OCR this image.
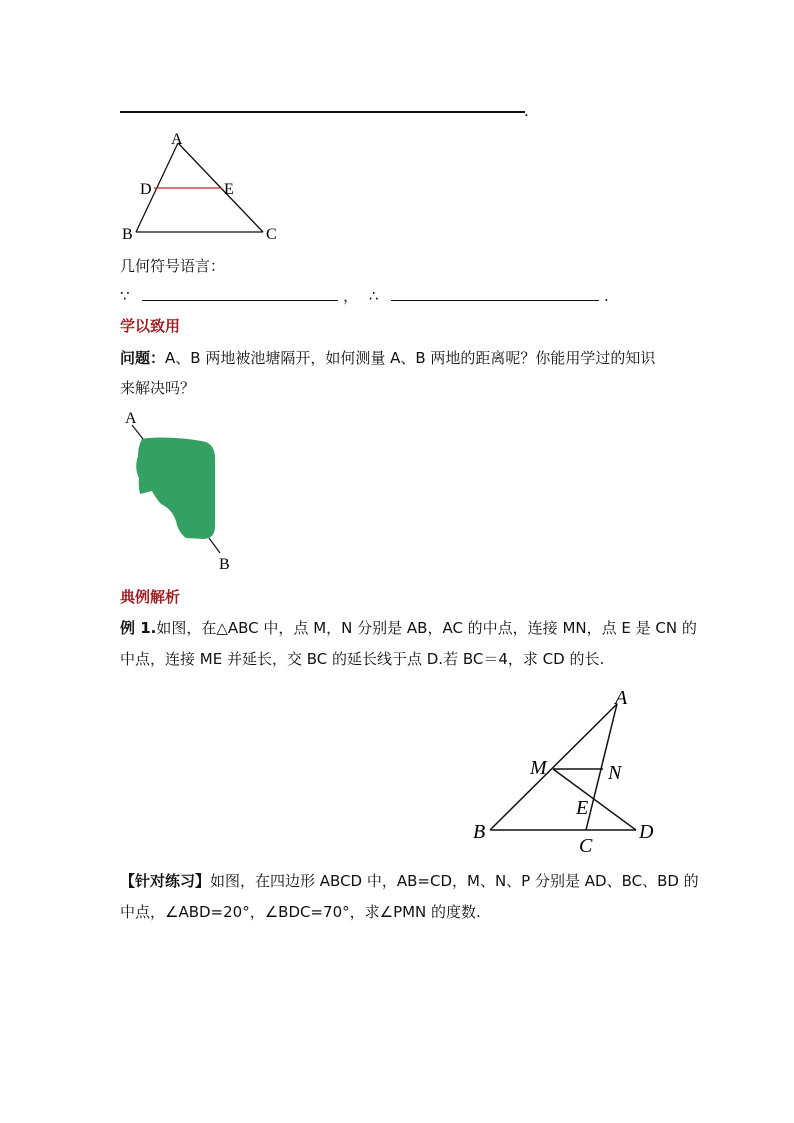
.
A
D	E
B	C
几何符号语言：
∵	， ∴	.
学以致用
问题：A、B 两地被池塘隔开，如何测量 A、B 两地的距离呢？你能用学过的知识
来解决吗？
A
B
典例解析
例 1.如图，在△ABC 中，点 M，N 分别是 AB，AC 的中点，连接 MN，点 E 是 CN 的
中点，连接 ME 并延长，交 BC 的延长线于点 D.若 BC＝4，求 CD 的长.
A
M	N
E
B
C
D
【针对练习】如图，在四边形 ABCD 中，AB=CD，M、N、P 分别是 AD、BC、BD 的
中点，∠ABD=20°，∠BDC=70°，求∠PMN 的度数.
